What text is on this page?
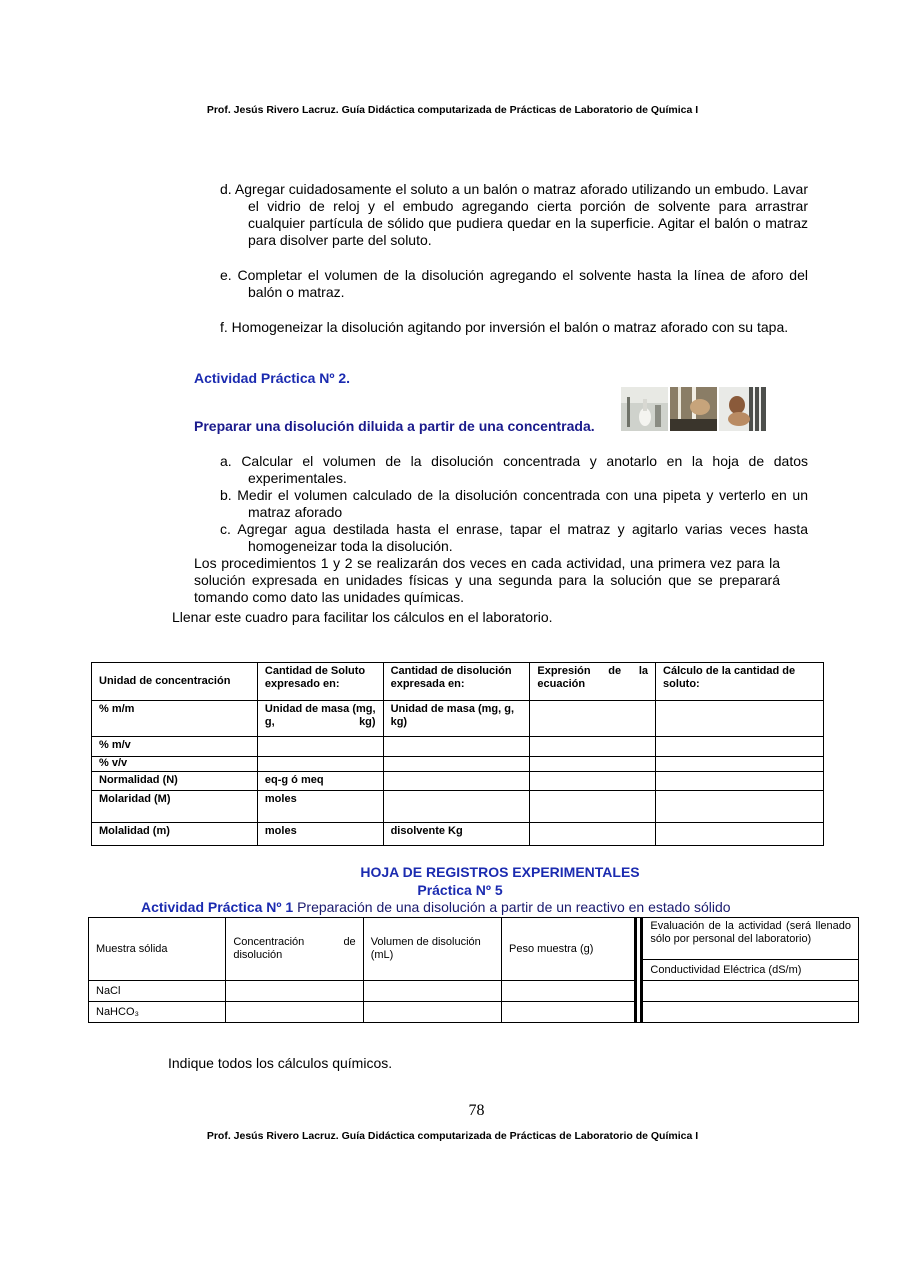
Prof. Jesús Rivero Lacruz. Guía Didáctica computarizada de Prácticas de Laboratorio de Química I
d. Agregar cuidadosamente el soluto a un balón o matraz aforado utilizando un embudo. Lavar el vidrio de reloj y el embudo agregando cierta porción de solvente para arrastrar cualquier partícula de sólido que pudiera quedar en la superficie. Agitar el balón o matraz para disolver parte del soluto.
e. Completar el volumen de la disolución agregando el solvente hasta la línea de aforo del balón o matraz.
f. Homogeneizar la disolución agitando por inversión el balón o matraz aforado con su tapa.
Actividad Práctica Nº 2.
Preparar una disolución diluida a partir de una concentrada.
a. Calcular el volumen de la disolución concentrada y anotarlo en la hoja de datos experimentales.
b. Medir el volumen calculado de la disolución concentrada con una pipeta y verterlo en un matraz aforado
c. Agregar agua destilada hasta el enrase, tapar el matraz y agitarlo varias veces hasta homogeneizar toda la disolución.
Los procedimientos 1 y 2 se realizarán dos veces en cada actividad, una primera vez para la solución expresada en unidades físicas y una segunda para la solución que se preparará tomando como dato las unidades químicas.
Llenar este cuadro para facilitar los cálculos en el laboratorio.
Unidad de concentración	Cantidad de Soluto expresado en:	Cantidad de disolución expresada en:	Expresión de la ecuación	Cálculo de la cantidad de soluto:
% m/m	Unidad de masa (mg, g, kg)	Unidad de masa (mg, g, kg)		
% m/v				
% v/v				
Normalidad (N)	eq-g ó meq			
Molaridad (M)	moles			
Molalidad (m)	moles	disolvente Kg		
HOJA DE REGISTROS EXPERIMENTALES
Práctica Nº 5
Actividad Práctica Nº 1 Preparación de una disolución a partir de un reactivo en estado sólido
Muestra sólida	Concentración de disolución	Volumen de disolución (mL)	Peso muestra (g)		Evaluación de la actividad (será llenado sólo por personal del laboratorio)
					Conductividad Eléctrica (dS/m)
NaCl					
NaHCO₃					
Indique todos los cálculos químicos.
78
Prof. Jesús Rivero Lacruz. Guía Didáctica computarizada de Prácticas de Laboratorio de Química I
